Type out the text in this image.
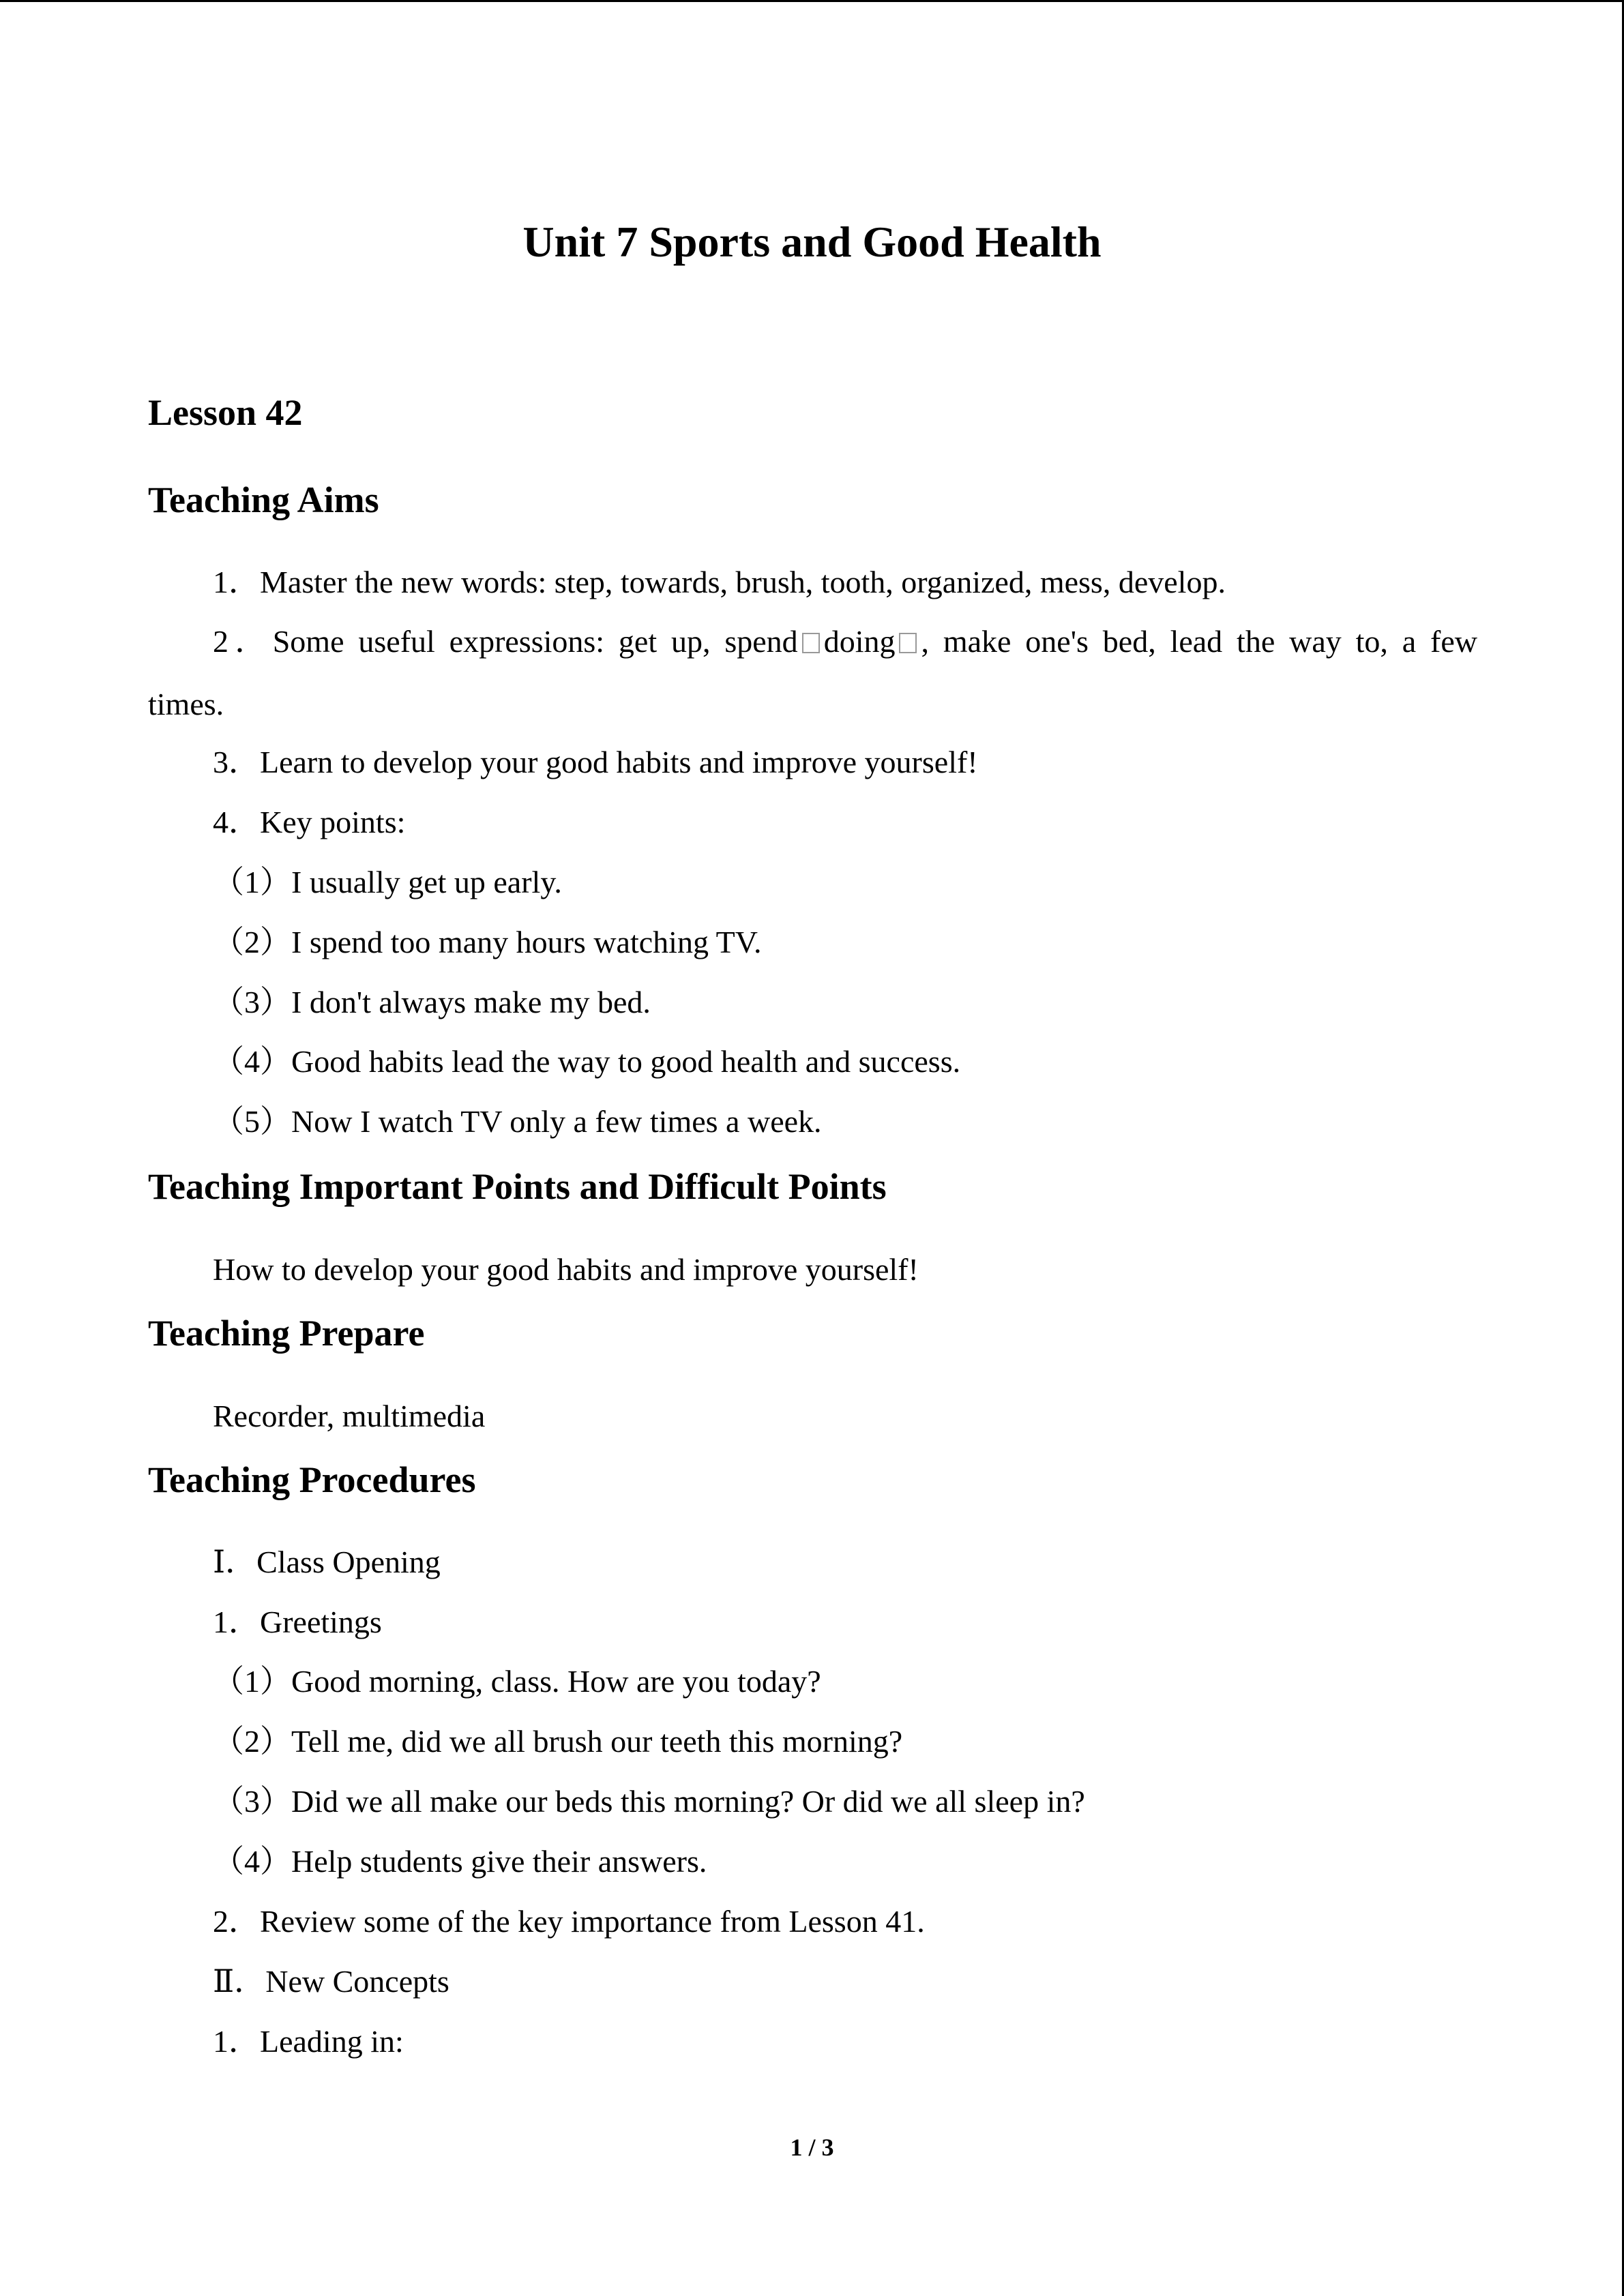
Unit 7 Sports and Good Health
Lesson 42
Teaching Aims
1．Master the new words: step, towards, brush, tooth, organized, mess, develop.
2．Some useful expressions: get up, spend doing , make one's bed, lead the way to, a few
times.
3．Learn to develop your good habits and improve yourself!
4．Key points:
（1）I usually get up early.
（2）I spend too many hours watching TV.
（3）I don't always make my bed.
（4）Good habits lead the way to good health and success.
（5）Now I watch TV only a few times a week.
Teaching Important Points and Difficult Points
How to develop your good habits and improve yourself!
Teaching Prepare
Recorder, multimedia
Teaching Procedures
Ⅰ．Class Opening
1．Greetings
（1）Good morning, class. How are you today?
（2）Tell me, did we all brush our teeth this morning?
（3）Did we all make our beds this morning? Or did we all sleep in?
（4）Help students give their answers.
2．Review some of the key importance from Lesson 41.
Ⅱ．New Concepts
1．Leading in:
1 / 3
